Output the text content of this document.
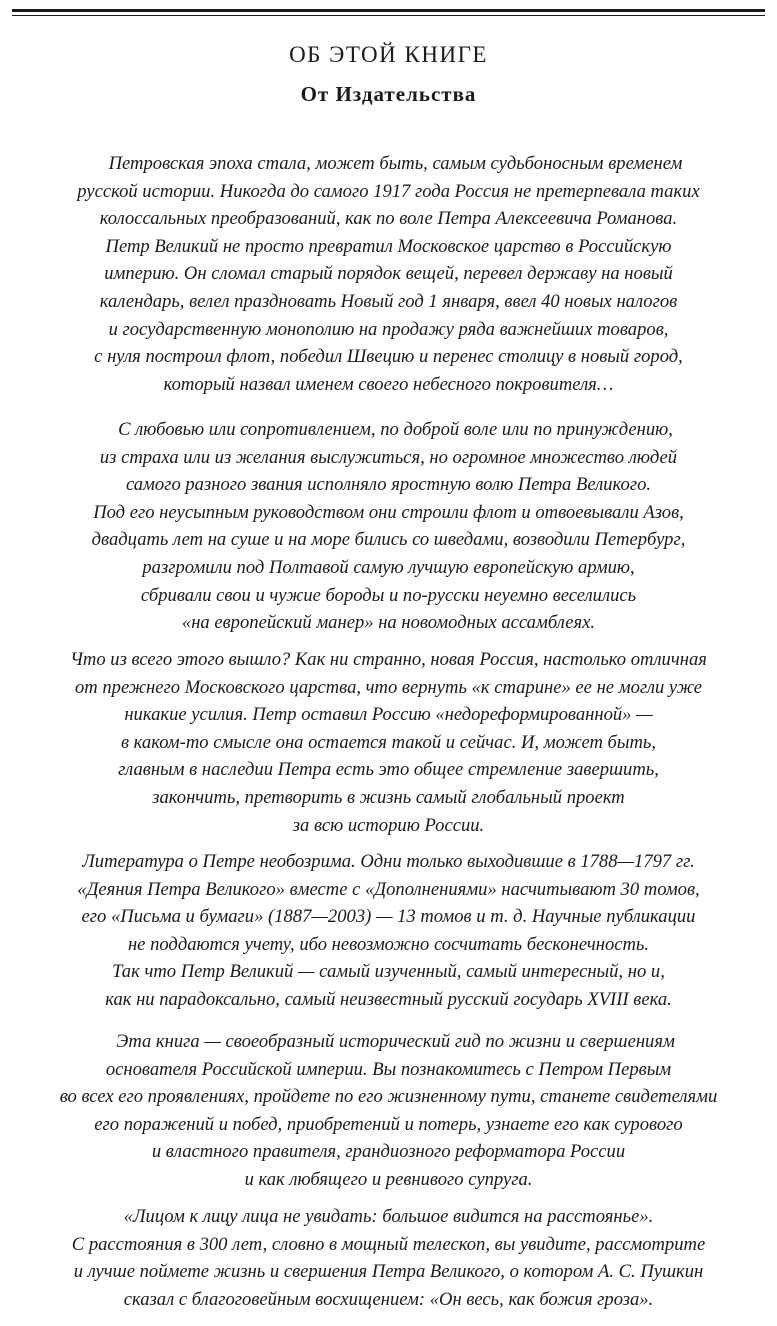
ОБ ЭТОЙ КНИГЕ
От Издательства
Петровская эпоха стала, может быть, самым судьбоносным временем
русской истории. Никогда до самого 1917 года Россия не претерпевала таких
колоссальных преобразований, как по воле Петра Алексеевича Романова.
Петр Великий не просто превратил Московское царство в Российскую
империю. Он сломал старый порядок вещей, перевел державу на новый
календарь, велел праздновать Новый год 1 января, ввел 40 новых налогов
и государственную монополию на продажу ряда важнейших товаров,
с нуля построил флот, победил Швецию и перенес столицу в новый город,
который назвал именем своего небесного покровителя…
С любовью или сопротивлением, по доброй воле или по принуждению,
из страха или из желания выслужиться, но огромное множество людей
самого разного звания исполняло яростную волю Петра Великого.
Под его неусыпным руководством они строили флот и отвоевывали Азов,
двадцать лет на суше и на море бились со шведами, возводили Петербург,
разгромили под Полтавой самую лучшую европейскую армию,
сбривали свои и чужие бороды и по-русски неуемно веселились
«на европейский манер» на новомодных ассамблеях.
Что из всего этого вышло? Как ни странно, новая Россия, настолько отличная
от прежнего Московского царства, что вернуть «к старине» ее не могли уже
никакие усилия. Петр оставил Россию «недореформированной» —
в каком-то смысле она остается такой и сейчас. И, может быть,
главным в наследии Петра есть это общее стремление завершить,
закончить, претворить в жизнь самый глобальный проект
за всю историю России.
Литература о Петре необозрима. Одни только выходившие в 1788—1797 гг.
«Деяния Петра Великого» вместе с «Дополнениями» насчитывают 30 томов,
его «Письма и бумаги» (1887—2003) — 13 томов и т. д. Научные публикации
не поддаются учету, ибо невозможно сосчитать бесконечность.
Так что Петр Великий — самый изученный, самый интересный, но и,
как ни парадоксально, самый неизвестный русский государь XVIII века.
Эта книга — своеобразный исторический гид по жизни и свершениям
основателя Российской империи. Вы познакомитесь с Петром Первым
во всех его проявлениях, пройдете по его жизненному пути, станете свидетелями
его поражений и побед, приобретений и потерь, узнаете его как сурового
и властного правителя, грандиозного реформатора России
и как любящего и ревнивого супруга.
«Лицом к лицу лица не увидать: большое видится на расстоянье».
С расстояния в 300 лет, словно в мощный телескоп, вы увидите, рассмотрите
и лучше поймете жизнь и свершения Петра Великого, о котором А. С. Пушкин
сказал с благоговейным восхищением: «Он весь, как божия гроза».
